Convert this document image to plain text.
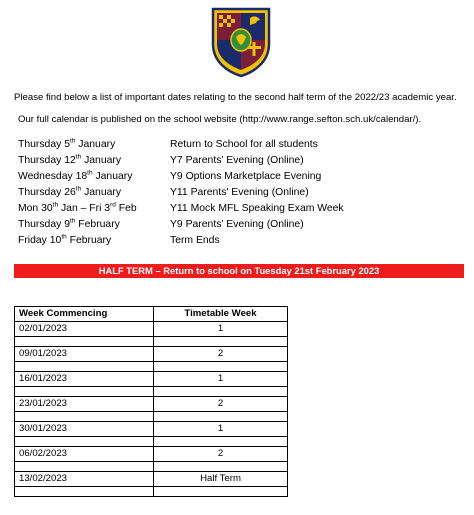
Please find below a list of important dates relating to the second half term of the 2022/23 academic year.
Our full calendar is published on the school website (http://www.range.sefton.sch.uk/calendar/).
Thursday 5th January	Return to School for all students
Thursday 12th January	Y7 Parents' Evening (Online)
Wednesday 18th January	Y9 Options Marketplace Evening
Thursday 26th January	Y11 Parents' Evening (Online)
Mon 30th Jan – Fri 3rd Feb	Y11 Mock MFL Speaking Exam Week
Thursday 9th February	Y9 Parents' Evening (Online)
Friday 10th February	Term Ends
HALF TERM – Return to school on Tuesday 21st February 2023
Week Commencing	Timetable Week
02/01/2023	1

09/01/2023	2

16/01/2023	1

23/01/2023	2

30/01/2023	1

06/02/2023	2

13/02/2023	Half Term
